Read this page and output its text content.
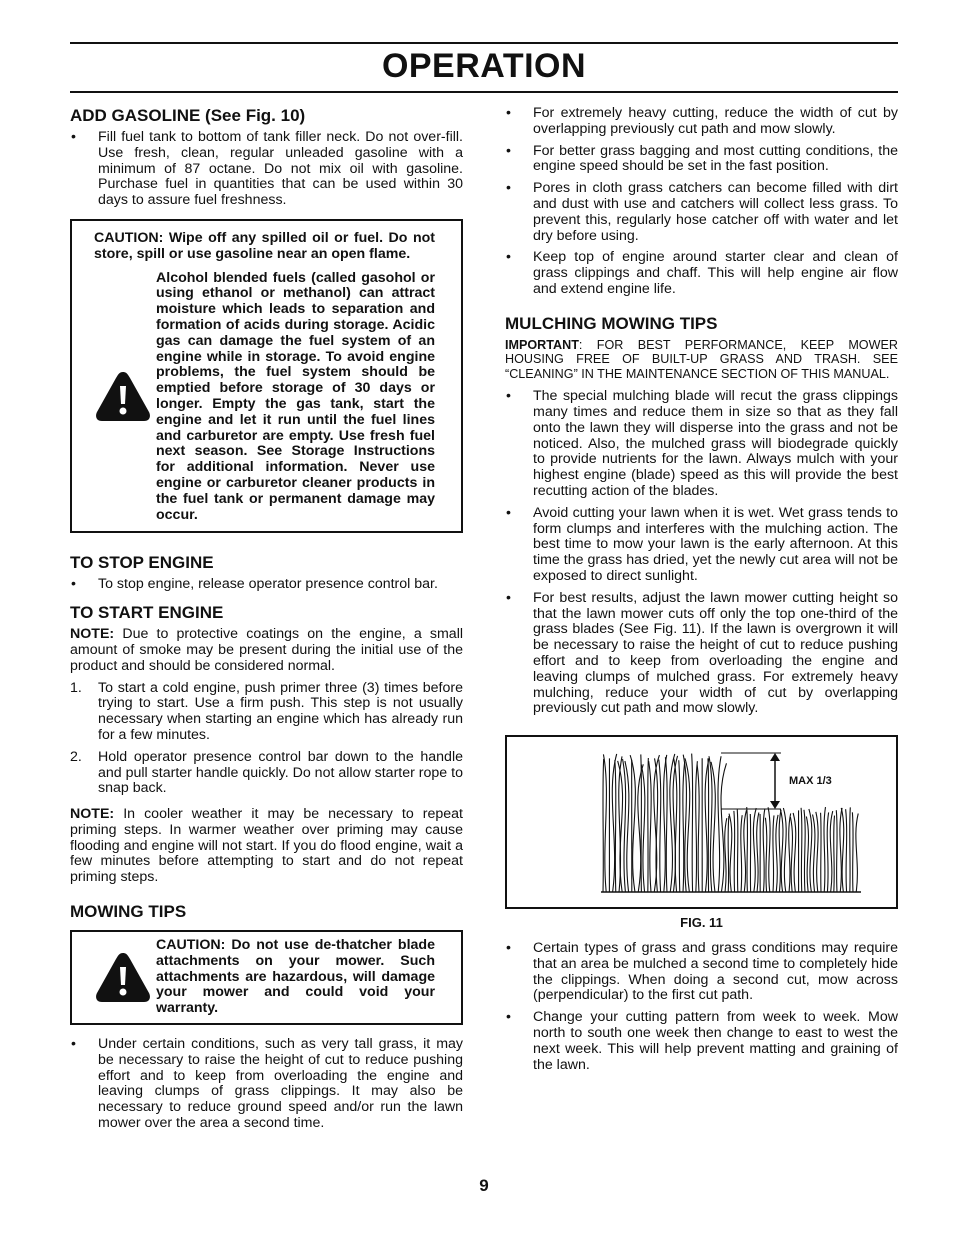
OPERATION
ADD GASOLINE (See Fig. 10)
• Fill fuel tank to bottom of tank filler neck. Do not over-fill. Use fresh, clean, regular unleaded gasoline with a minimum of 87 octane. Do not mix oil with gasoline. Purchase fuel in quantities that can be used within 30 days to assure fuel freshness.

CAUTION: Wipe off any spilled oil or fuel. Do not store, spill or use gasoline near an open flame.

Alcohol blended fuels (called gasohol or using ethanol or methanol) can attract moisture which leads to separation and formation of acids during storage. Acidic gas can damage the fuel system of an engine while in storage. To avoid engine problems, the fuel system should be emptied before storage of 30 days or longer. Empty the gas tank, start the engine and let it run until the fuel lines and carburetor are empty. Use fresh fuel next season. See Storage Instructions for additional information. Never use engine or carburetor cleaner products in the fuel tank or permanent damage may occur.
TO STOP ENGINE
• To stop engine, release operator presence control bar.
TO START ENGINE

NOTE: Due to protective coatings on the engine, a small amount of smoke may be present during the initial use of the product and should be considered normal.

1. To start a cold engine, push primer three (3) times before trying to start. Use a firm push. This step is not usually necessary when starting an engine which has already run for a few minutes.
2. Hold operator presence control bar down to the handle and pull starter handle quickly. Do not allow starter rope to snap back.

NOTE: In cooler weather it may be necessary to repeat priming steps. In warmer weather over priming may cause flooding and engine will not start. If you do flood engine, wait a few minutes before attempting to start and do not repeat priming steps.

MOWING TIPS
CAUTION: Do not use de-thatcher blade attachments on your mower. Such attachments are hazardous, will damage your mower and could void your warranty.
• Under certain conditions, such as very tall grass, it may be necessary to raise the height of cut to reduce pushing effort and to keep from overloading the engine and leaving clumps of grass clippings. It may also be necessary to reduce ground speed and/or run the lawn mower over the area a second time.
• For extremely heavy cutting, reduce the width of cut by overlapping previously cut path and mow slowly.
• For better grass bagging and most cutting conditions, the engine speed should be set in the fast position.
• Pores in cloth grass catchers can become filled with dirt and dust with use and catchers will collect less grass. To prevent this, regularly hose catcher off with water and let dry before using.
• Keep top of engine around starter clear and clean of grass clippings and chaff. This will help engine air flow and extend engine life.
MULCHING MOWING TIPS

IMPORTANT: FOR BEST PERFORMANCE, KEEP MOWER HOUSING FREE OF BUILT-UP GRASS AND TRASH. SEE “CLEANING” IN THE MAINTENANCE SECTION OF THIS MANUAL.

• The special mulching blade will recut the grass clippings many times and reduce them in size so that as they fall onto the lawn they will disperse into the grass and not be noticed. Also, the mulched grass will biodegrade quickly to provide nutrients for the lawn. Always mulch with your highest engine (blade) speed as this will provide the best recutting action of the blades.
• Avoid cutting your lawn when it is wet. Wet grass tends to form clumps and interferes with the mulching action. The best time to mow your lawn is the early afternoon. At this time the grass has dried, yet the newly cut area will not be exposed to direct sunlight.
• For best results, adjust the lawn mower cutting height so that the lawn mower cuts off only the top one-third of the grass blades (See Fig. 11). If the lawn is overgrown it will be necessary to raise the height of cut to reduce pushing effort and to keep from overloading the engine and leaving clumps of mulched grass. For extremely heavy mulching, reduce your width of cut by overlapping previously cut path and mow slowly.
MAX 1/3
FIG. 11
• Certain types of grass and grass conditions may require that an area be mulched a second time to completely hide the clippings. When doing a second cut, mow across (perpendicular) to the first cut path.
• Change your cutting pattern from week to week. Mow north to south one week then change to east to west the next week. This will help prevent matting and graining of the lawn.
9
